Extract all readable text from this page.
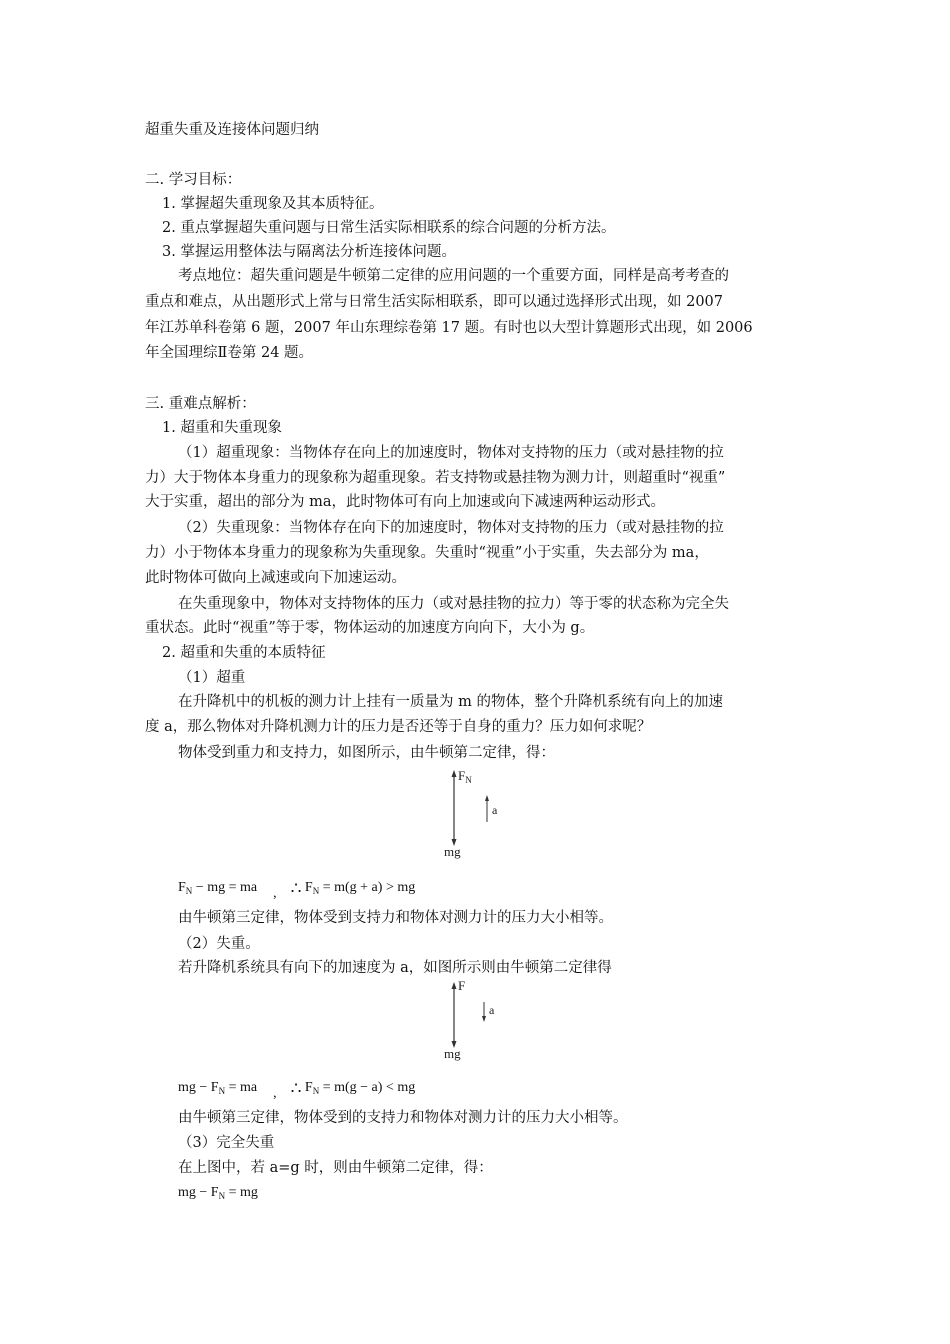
超重失重及连接体问题归纳
二. 学习目标：
1. 掌握超失重现象及其本质特征。
2. 重点掌握超失重问题与日常生活实际相联系的综合问题的分析方法。
3. 掌握运用整体法与隔离法分析连接体问题。
考点地位：超失重问题是牛顿第二定律的应用问题的一个重要方面，同样是高考考查的
重点和难点，从出题形式上常与日常生活实际相联系，即可以通过选择形式出现，如 2007
年江苏单科卷第 6 题，2007 年山东理综卷第 17 题。有时也以大型计算题形式出现，如 2006
年全国理综Ⅱ卷第 24 题。
三. 重难点解析：
1. 超重和失重现象
（1）超重现象：当物体存在向上的加速度时，物体对支持物的压力（或对悬挂物的拉
力）大于物体本身重力的现象称为超重现象。若支持物或悬挂物为测力计，则超重时“视重”
大于实重，超出的部分为 ma，此时物体可有向上加速或向下减速两种运动形式。
（2）失重现象：当物体存在向下的加速度时，物体对支持物的压力（或对悬挂物的拉
力）小于物体本身重力的现象称为失重现象。失重时“视重”小于实重，失去部分为 ma，
此时物体可做向上减速或向下加速运动。
在失重现象中，物体对支持物体的压力（或对悬挂物的拉力）等于零的状态称为完全失
重状态。此时“视重”等于零，物体运动的加速度方向向下，大小为 g。
2. 超重和失重的本质特征
（1）超重
在升降机中的机板的测力计上挂有一质量为 m 的物体，整个升降机系统有向上的加速
度 a，那么物体对升降机测力计的压力是否还等于自身的重力？压力如何求呢？
物体受到重力和支持力，如图所示，由牛顿第二定律，得：
$F_N$
a
mg
$F_N$ − mg = ma , ∴ $F_N = m(g + a)$ > mg
由牛顿第三定律，物体受到支持力和物体对测力计的压力大小相等。
（2）失重。
若升降机系统具有向下的加速度为 a，如图所示则由牛顿第二定律得
F
a
mg
mg − $F_N$ = ma , ∴ $F_N = m(g - a)$ < mg
由牛顿第三定律，物体受到的支持力和物体对测力计的压力大小相等。
（3）完全失重
在上图中，若 a=g 时，则由牛顿第二定律，得：
mg − $F_N$ = mg
